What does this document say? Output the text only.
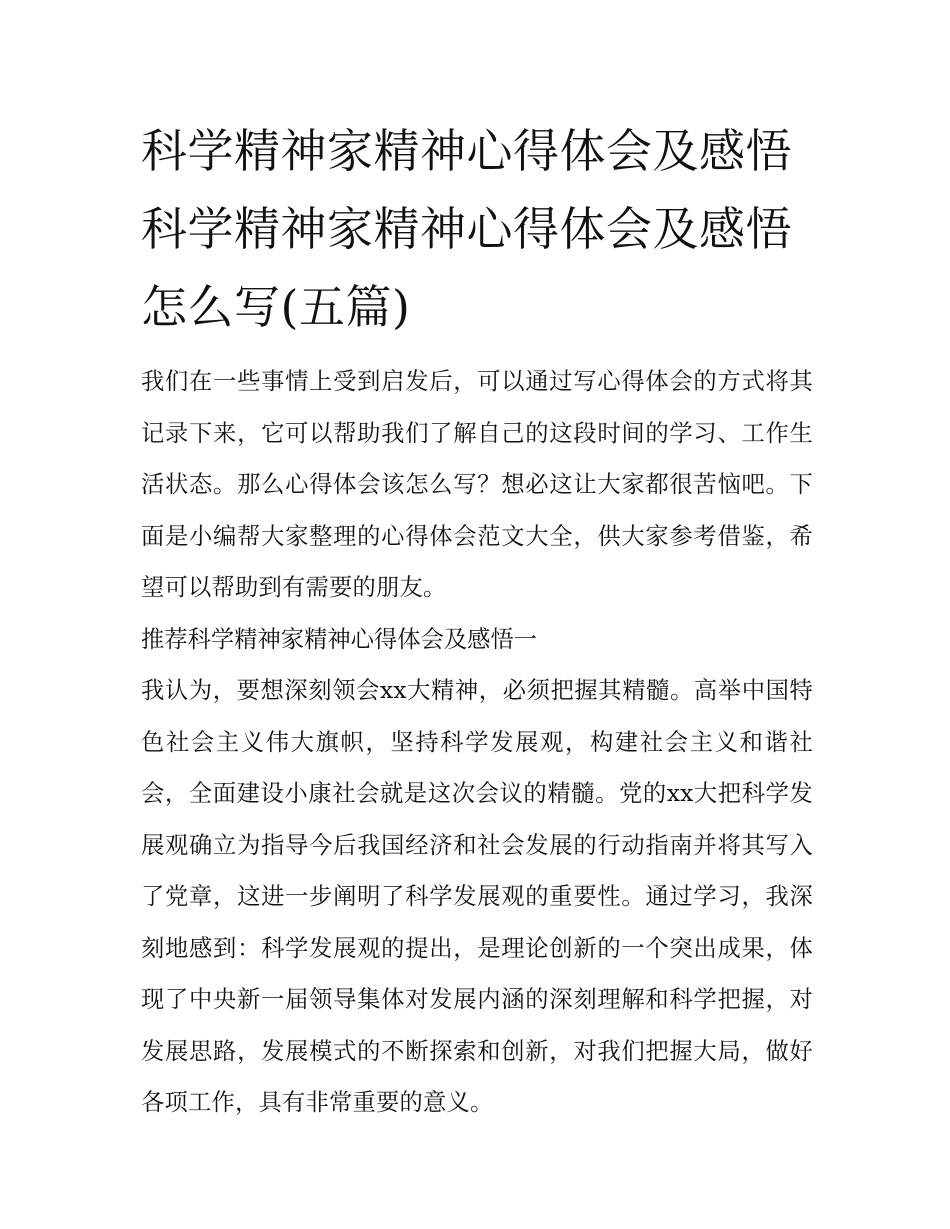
科学精神家精神心得体会及感悟 科学精神家精神心得体会及感悟怎么写(五篇)

我们在一些事情上受到启发后，可以通过写心得体会的方式将其记录下来，它可以帮助我们了解自己的这段时间的学习、工作生活状态。那么心得体会该怎么写？想必这让大家都很苦恼吧。下面是小编帮大家整理的心得体会范文大全，供大家参考借鉴，希望可以帮助到有需要的朋友。

推荐科学精神家精神心得体会及感悟一

我认为，要想深刻领会xx大精神，必须把握其精髓。高举中国特色社会主义伟大旗帜，坚持科学发展观，构建社会主义和谐社会，全面建设小康社会就是这次会议的精髓。党的xx大把科学发展观确立为指导今后我国经济和社会发展的行动指南并将其写入了党章，这进一步阐明了科学发展观的重要性。通过学习，我深刻地感到：科学发展观的提出，是理论创新的一个突出成果，体现了中央新一届领导集体对发展内涵的深刻理解和科学把握，对发展思路，发展模式的不断探索和创新，对我们把握大局，做好各项工作，具有非常重要的意义。
